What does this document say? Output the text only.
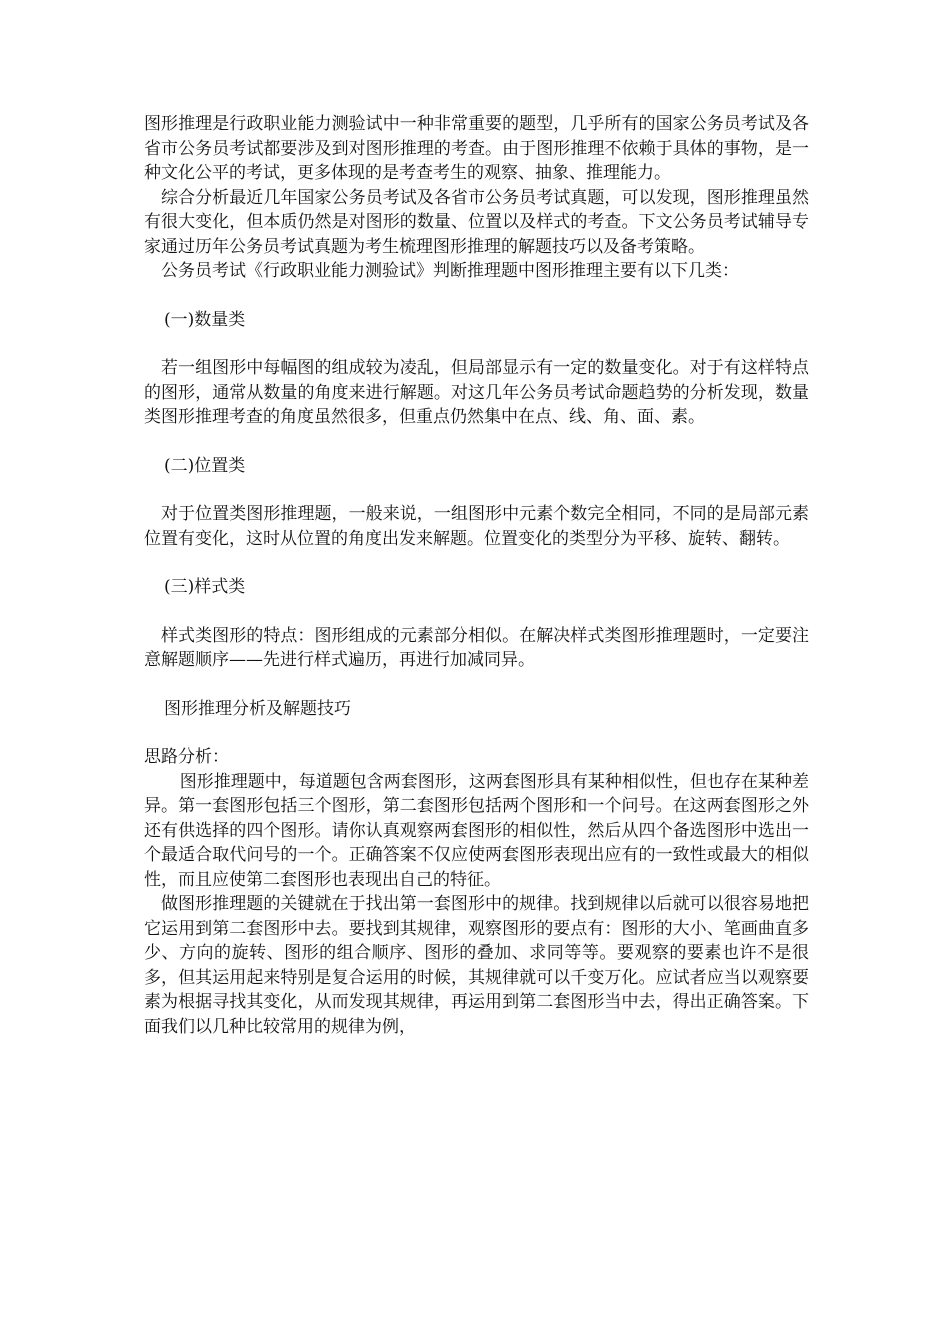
图形推理是行政职业能力测验试中一种非常重要的题型，几乎所有的国家公务员考试及各省市公务员考试都要涉及到对图形推理的考查。由于图形推理不依赖于具体的事物，是一种文化公平的考试，更多体现的是考查考生的观察、抽象、推理能力。

综合分析最近几年国家公务员考试及各省市公务员考试真题，可以发现，图形推理虽然有很大变化，但本质仍然是对图形的数量、位置以及样式的考查。下文公务员考试辅导专家通过历年公务员考试真题为考生梳理图形推理的解题技巧以及备考策略。

公务员考试《行政职业能力测验试》判断推理题中图形推理主要有以下几类：

(一)数量类

若一组图形中每幅图的组成较为凌乱，但局部显示有一定的数量变化。对于有这样特点的图形，通常从数量的角度来进行解题。对这几年公务员考试命题趋势的分析发现，数量类图形推理考查的角度虽然很多，但重点仍然集中在点、线、角、面、素。

(二)位置类

对于位置类图形推理题，一般来说，一组图形中元素个数完全相同，不同的是局部元素位置有变化，这时从位置的角度出发来解题。位置变化的类型分为平移、旋转、翻转。

(三)样式类

样式类图形的特点：图形组成的元素部分相似。在解决样式类图形推理题时，一定要注意解题顺序——先进行样式遍历，再进行加减同异。

图形推理分析及解题技巧

思路分析：

图形推理题中，每道题包含两套图形，这两套图形具有某种相似性，但也存在某种差异。第一套图形包括三个图形，第二套图形包括两个图形和一个问号。在这两套图形之外还有供选择的四个图形。请你认真观察两套图形的相似性，然后从四个备选图形中选出一个最适合取代问号的一个。正确答案不仅应使两套图形表现出应有的一致性或最大的相似性，而且应使第二套图形也表现出自己的特征。

做图形推理题的关键就在于找出第一套图形中的规律。找到规律以后就可以很容易地把它运用到第二套图形中去。要找到其规律，观察图形的要点有：图形的大小、笔画曲直多少、方向的旋转、图形的组合顺序、图形的叠加、求同等等。要观察的要素也许不是很多，但其运用起来特别是复合运用的时候，其规律就可以千变万化。应试者应当以观察要素为根据寻找其变化，从而发现其规律，再运用到第二套图形当中去，得出正确答案。下面我们以几种比较常用的规律为例，
